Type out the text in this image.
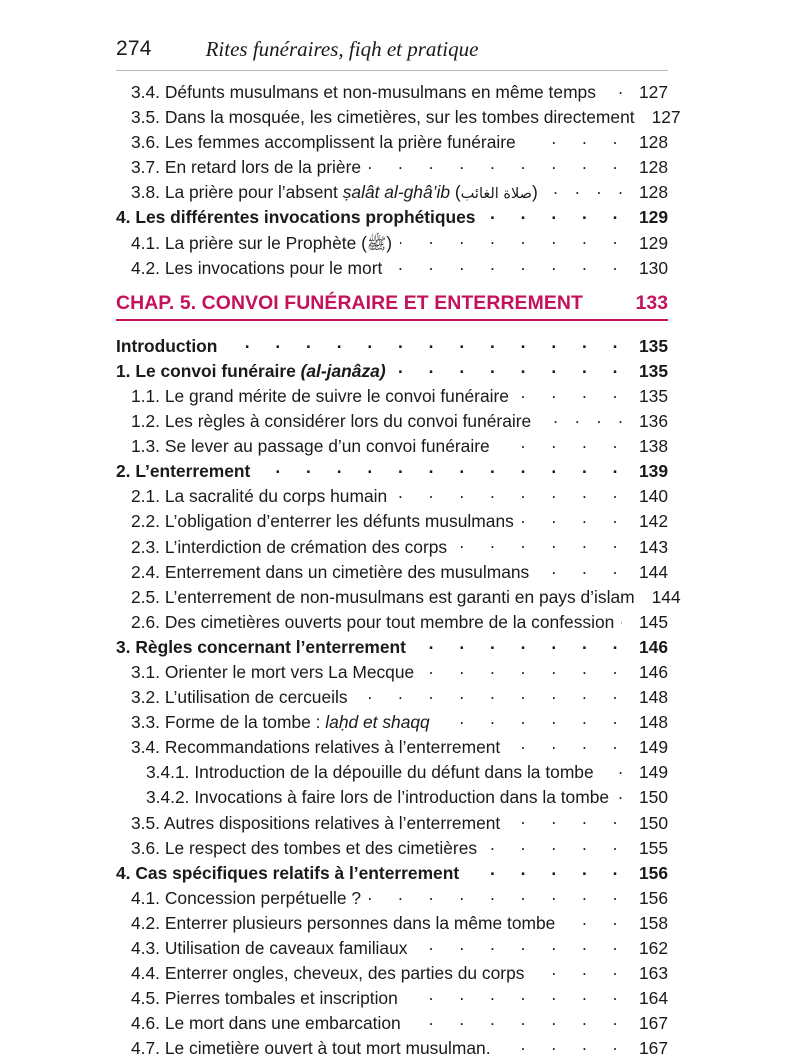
274	Rites funéraires, fiqh et pratique
3.4. Défunts musulmans et non-musulmans en même temps . . .	127
3.5. Dans la mosquée, les cimetières, sur les tombes directement 127
3.6. Les femmes accomplissent la prière funéraire . . .	128
3.7. En retard lors de la prière . . .	128
3.8. La prière pour l’absent ṣalât al-ghâ’ib (صلاة الغائب) . . .	128
4. Les différentes invocations prophétiques . . .	129
4.1. La prière sur le Prophète (ﷺ) . . .	129
4.2. Les invocations pour le mort . . .	130
CHAP. 5. CONVOI FUNÉRAIRE ET ENTERREMENT	133
Introduction . . .	135
1. Le convoi funéraire (al-janâza) . . .	135
1.1. Le grand mérite de suivre le convoi funéraire . . .	135
1.2. Les règles à considérer lors du convoi funéraire . . .	136
1.3. Se lever au passage d’un convoi funéraire . . .	138
2. L’enterrement . . .	139
2.1. La sacralité du corps humain . . .	140
2.2. L’obligation d’enterrer les défunts musulmans . . .	142
2.3. L’interdiction de crémation des corps . . .	143
2.4. Enterrement dans un cimetière des musulmans . . .	144
2.5. L’enterrement de non-musulmans est garanti en pays d’islam 144
2.6. Des cimetières ouverts pour tout membre de la confession . . .	145
3. Règles concernant l’enterrement . . .	146
3.1. Orienter le mort vers La Mecque . . .	146
3.2. L’utilisation de cercueils . . .	148
3.3. Forme de la tombe : laḥd et shaqq . . .	148
3.4. Recommandations relatives à l’enterrement . . .	149
3.4.1. Introduction de la dépouille du défunt dans la tombe . . .	149
3.4.2. Invocations à faire lors de l’introduction dans la tombe . . .	150
3.5. Autres dispositions relatives à l’enterrement . . .	150
3.6. Le respect des tombes et des cimetières . . .	155
4. Cas spécifiques relatifs à l’enterrement . . .	156
4.1. Concession perpétuelle ? . . .	156
4.2. Enterrer plusieurs personnes dans la même tombe . . .	158
4.3. Utilisation de caveaux familiaux . . .	162
4.4. Enterrer ongles, cheveux, des parties du corps . . .	163
4.5. Pierres tombales et inscription . . .	164
4.6. Le mort dans une embarcation . . .	167
4.7. Le cimetière ouvert à tout mort musulman. . . .	167
